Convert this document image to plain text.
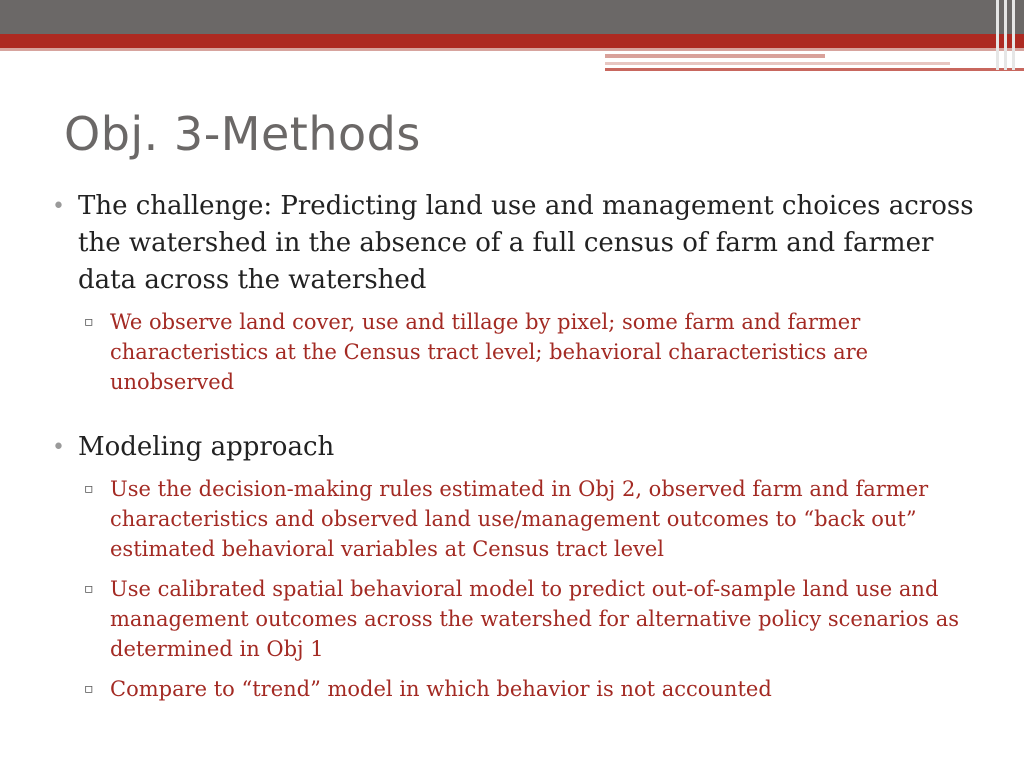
Obj. 3-Methods

• The challenge: Predicting land use and management choices across the watershed in the absence of a full census of farm and farmer data across the watershed

▫ We observe land cover, use and tillage by pixel; some farm and farmer characteristics at the Census tract level; behavioral characteristics are unobserved

• Modeling approach

▫ Use the decision-making rules estimated in Obj 2, observed farm and farmer characteristics and observed land use/management outcomes to “back out” estimated behavioral variables at Census tract level

▫ Use calibrated spatial behavioral model to predict out-of-sample land use and management outcomes across the watershed for alternative policy scenarios as determined in Obj 1

▫ Compare to “trend” model in which behavior is not accounted
